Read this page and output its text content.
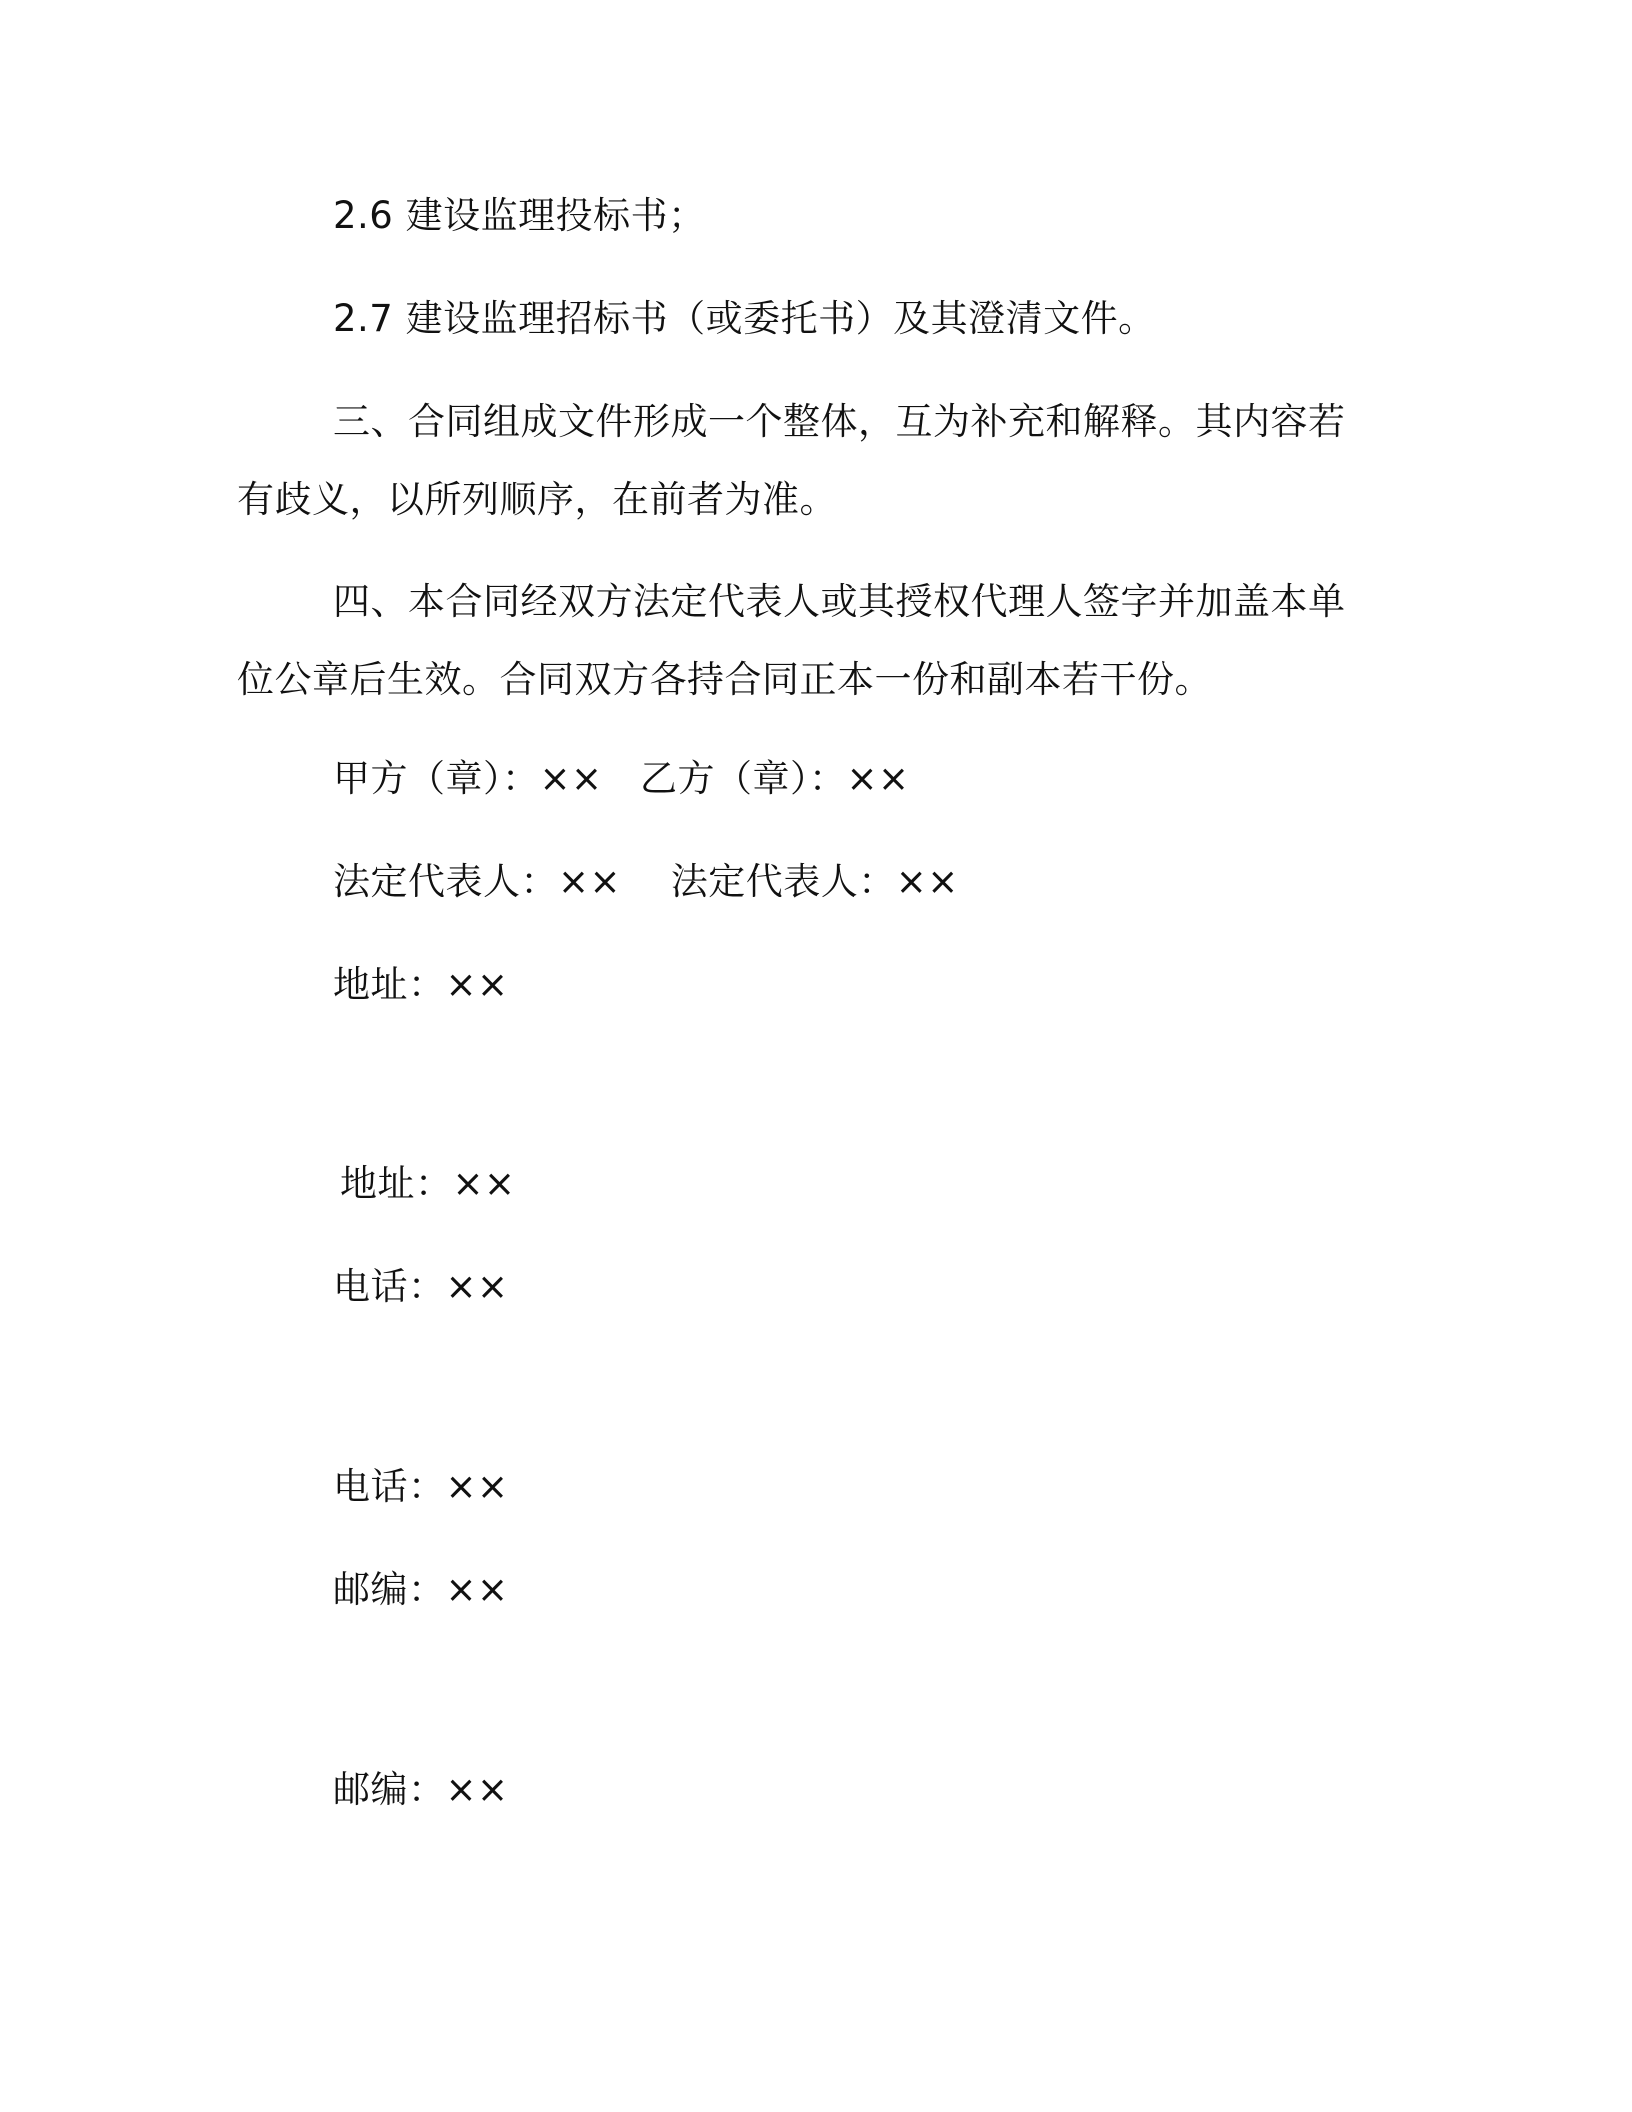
2.6 建设监理投标书；
2.7 建设监理招标书（或委托书）及其澄清文件。
三、合同组成文件形成一个整体，互为补充和解释。其内容若有歧义，以所列顺序，在前者为准。
四、本合同经双方法定代表人或其授权代理人签字并加盖本单位公章后生效。合同双方各持合同正本一份和副本若干份。
甲方（章）：××　乙方（章）：××
法定代表人：××　 法定代表人：××
地址：××
地址：××
电话：××
电话：××
邮编：××
邮编：××
